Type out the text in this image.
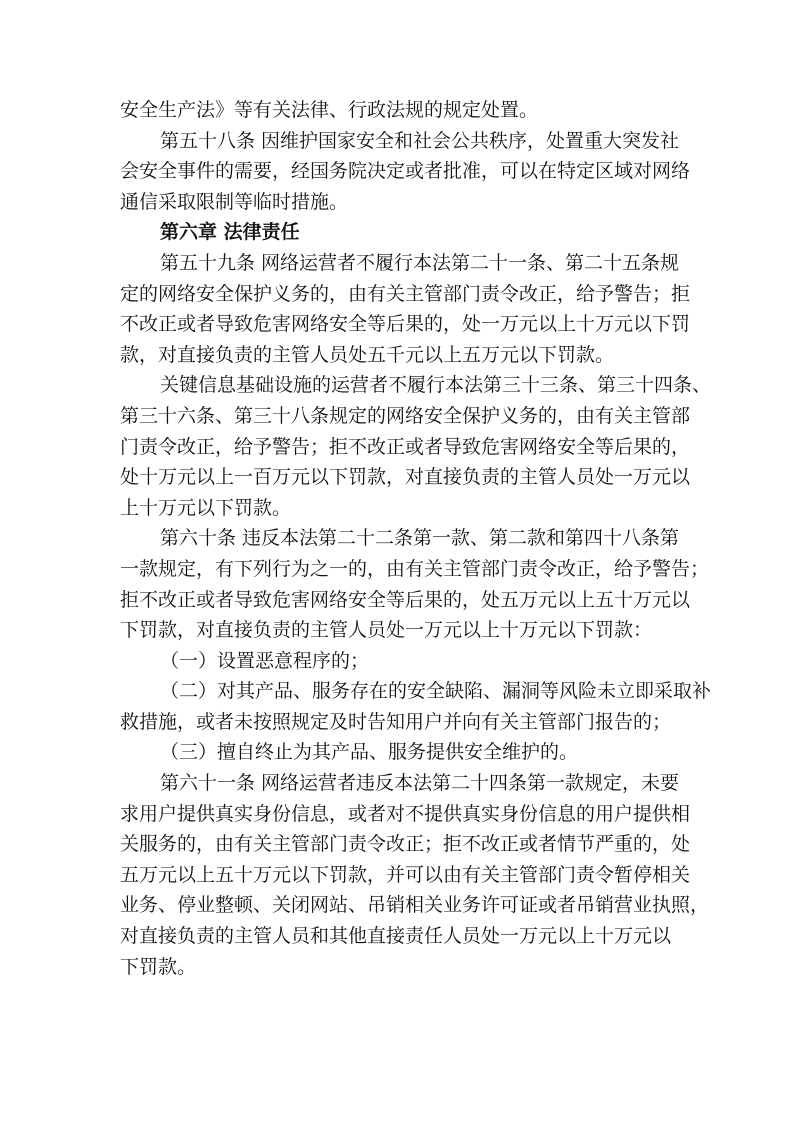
安全生产法》等有关法律、行政法规的规定处置。
第五十八条 因维护国家安全和社会公共秩序，处置重大突发社
会安全事件的需要，经国务院决定或者批准，可以在特定区域对网络
通信采取限制等临时措施。
第六章 法律责任
第五十九条 网络运营者不履行本法第二十一条、第二十五条规
定的网络安全保护义务的，由有关主管部门责令改正，给予警告；拒
不改正或者导致危害网络安全等后果的，处一万元以上十万元以下罚
款，对直接负责的主管人员处五千元以上五万元以下罚款。
关键信息基础设施的运营者不履行本法第三十三条、第三十四条、
第三十六条、第三十八条规定的网络安全保护义务的，由有关主管部
门责令改正，给予警告；拒不改正或者导致危害网络安全等后果的，
处十万元以上一百万元以下罚款，对直接负责的主管人员处一万元以
上十万元以下罚款。
第六十条 违反本法第二十二条第一款、第二款和第四十八条第
一款规定，有下列行为之一的，由有关主管部门责令改正，给予警告；
拒不改正或者导致危害网络安全等后果的，处五万元以上五十万元以
下罚款，对直接负责的主管人员处一万元以上十万元以下罚款：
（一）设置恶意程序的；
（二）对其产品、服务存在的安全缺陷、漏洞等风险未立即采取补
救措施，或者未按照规定及时告知用户并向有关主管部门报告的；
（三）擅自终止为其产品、服务提供安全维护的。
第六十一条 网络运营者违反本法第二十四条第一款规定，未要
求用户提供真实身份信息，或者对不提供真实身份信息的用户提供相
关服务的，由有关主管部门责令改正；拒不改正或者情节严重的，处
五万元以上五十万元以下罚款，并可以由有关主管部门责令暂停相关
业务、停业整顿、关闭网站、吊销相关业务许可证或者吊销营业执照，
对直接负责的主管人员和其他直接责任人员处一万元以上十万元以
下罚款。
